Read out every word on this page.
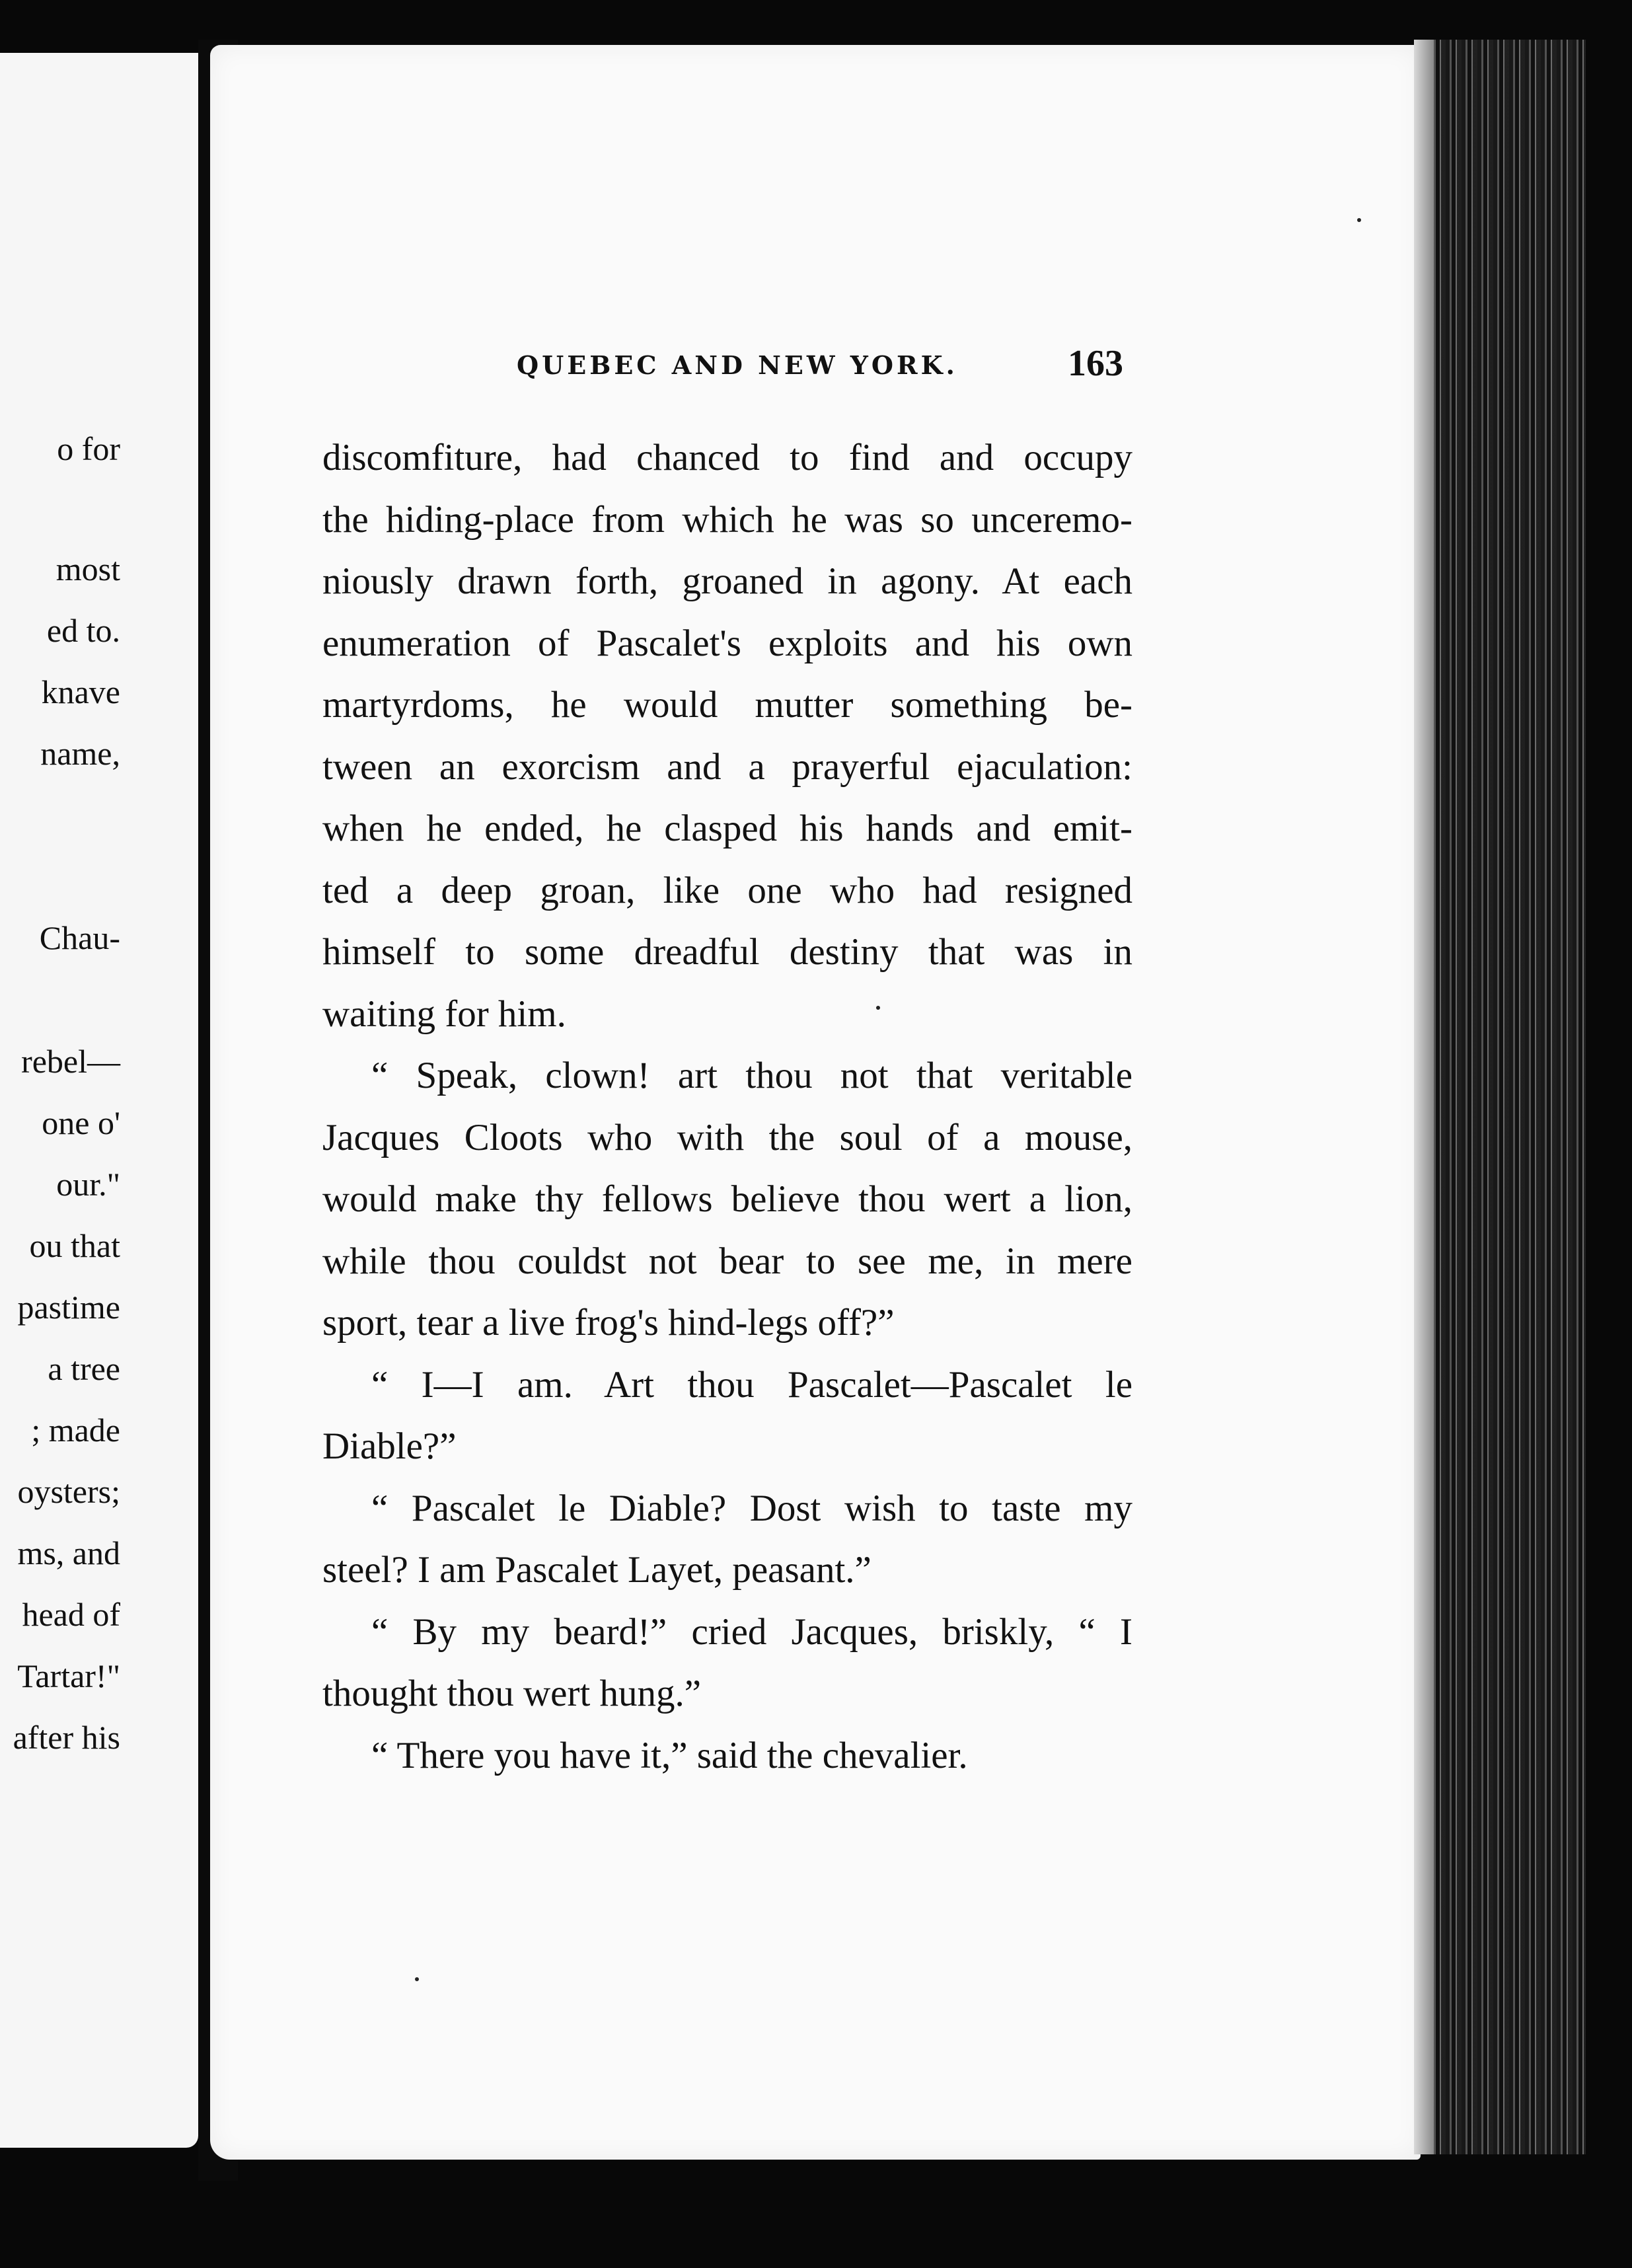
o for
most
ed to.
knave
name,
Chau-
rebel—
one o'
our."
ou that
pastime
a tree
; made
oysters;
ms, and
head of
Tartar!"
after his
QUEBEC AND NEW YORK.	163
discomfiture, had chanced to find and occupy
the hiding-place from which he was so unceremo-
niously drawn forth, groaned in agony. At each
enumeration of Pascalet's exploits and his own
martyrdoms, he would mutter something be-
tween an exorcism and a prayerful ejaculation:
when he ended, he clasped his hands and emit-
ted a deep groan, like one who had resigned
himself to some dreadful destiny that was in
waiting for him.
“ Speak, clown! art thou not that veritable
Jacques Cloots who with the soul of a mouse,
would make thy fellows believe thou wert a lion,
while thou couldst not bear to see me, in mere
sport, tear a live frog's hind-legs off?”
“ I—I am. Art thou Pascalet—Pascalet le
Diable?”
“ Pascalet le Diable? Dost wish to taste my
steel? I am Pascalet Layet, peasant.”
“ By my beard!” cried Jacques, briskly, “ I
thought thou wert hung.”
“ There you have it,” said the chevalier.
